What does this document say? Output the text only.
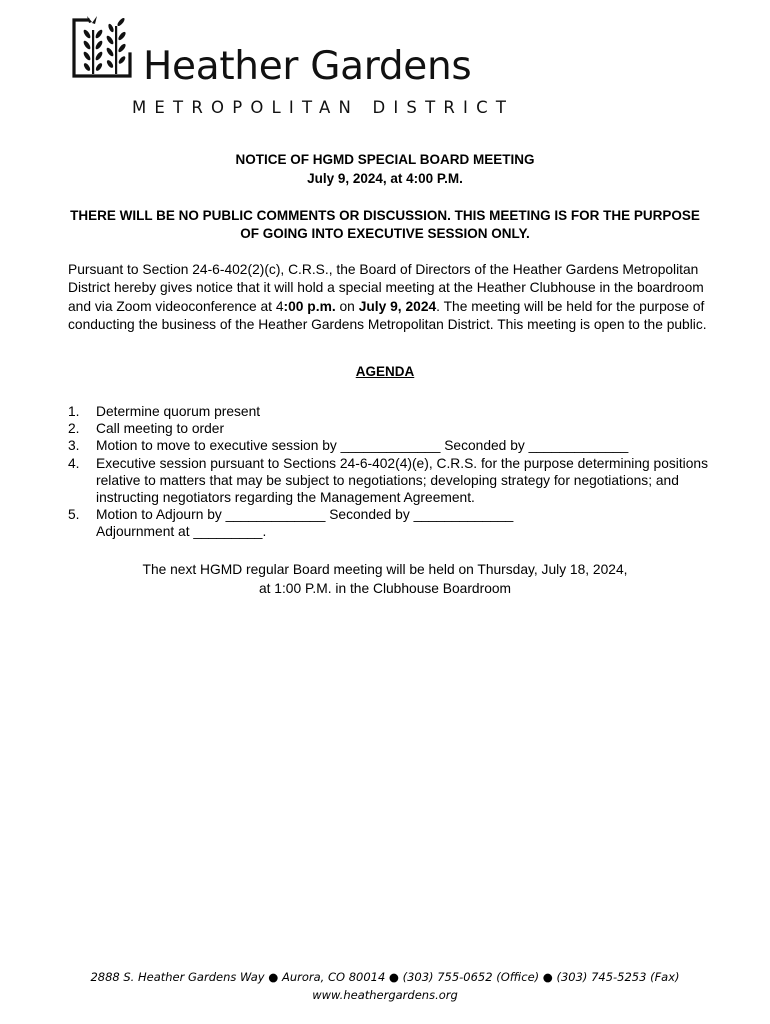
Heather Gardens
METROPOLITAN DISTRICT
NOTICE OF HGMD SPECIAL BOARD MEETING
July 9, 2024, at 4:00 P.M.
THERE WILL BE NO PUBLIC COMMENTS OR DISCUSSION. THIS MEETING IS FOR THE PURPOSE OF GOING INTO EXECUTIVE SESSION ONLY.
Pursuant to Section 24-6-402(2)(c), C.R.S., the Board of Directors of the Heather Gardens Metropolitan District hereby gives notice that it will hold a special meeting at the Heather Clubhouse in the boardroom and via Zoom videoconference at 4:00 p.m. on July 9, 2024. The meeting will be held for the purpose of conducting the business of the Heather Gardens Metropolitan District. This meeting is open to the public.
AGENDA
1.	Determine quorum present
2.	Call meeting to order
3.	Motion to move to executive session by _____________ Seconded by _____________
4.	Executive session pursuant to Sections 24-6-402(4)(e), C.R.S. for the purpose determining positions relative to matters that may be subject to negotiations; developing strategy for negotiations; and instructing negotiators regarding the Management Agreement.
5.	Motion to Adjourn by _____________ Seconded by _____________
Adjournment at _________.
The next HGMD regular Board meeting will be held on Thursday, July 18, 2024,
at 1:00 P.M. in the Clubhouse Boardroom
2888 S. Heather Gardens Way ● Aurora, CO 80014 ● (303) 755-0652 (Office) ● (303) 745-5253 (Fax)
www.heathergardens.org
